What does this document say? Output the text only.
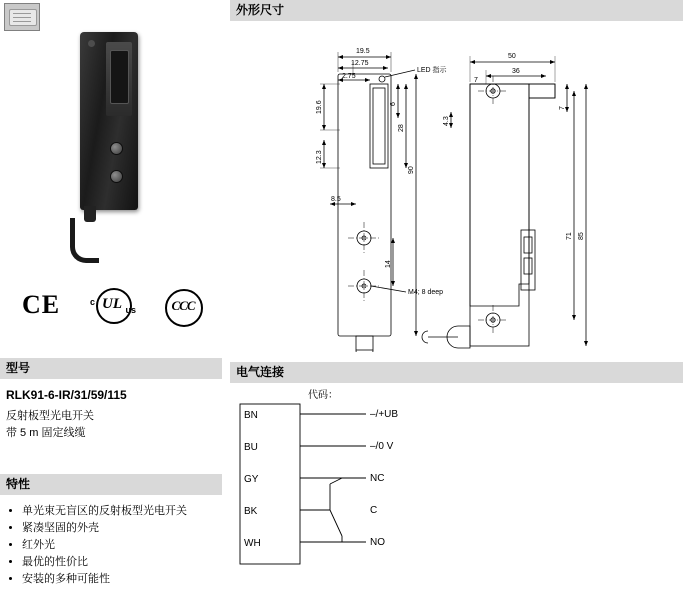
CE	c UL us	CCC
型号
RLK91-6-IR/31/59/115
反射板型光电开关
带 5 m 固定线缆
特性
• 单光束无盲区的反射板型光电开关
• 紧凑坚固的外壳
• 红外光
• 最优的性价比
• 安装的多种可能性
外形尺寸
LED 指示
M4; 8 deep
19.5
12.75
2.75
6
28
90
14
19.6
12.3
8.5
50
36
7
7
4.3
71 85
电气连接
代码：
BN
BU
GY
BK
WH
–/+UB
–/0 V
NC
C
NO
